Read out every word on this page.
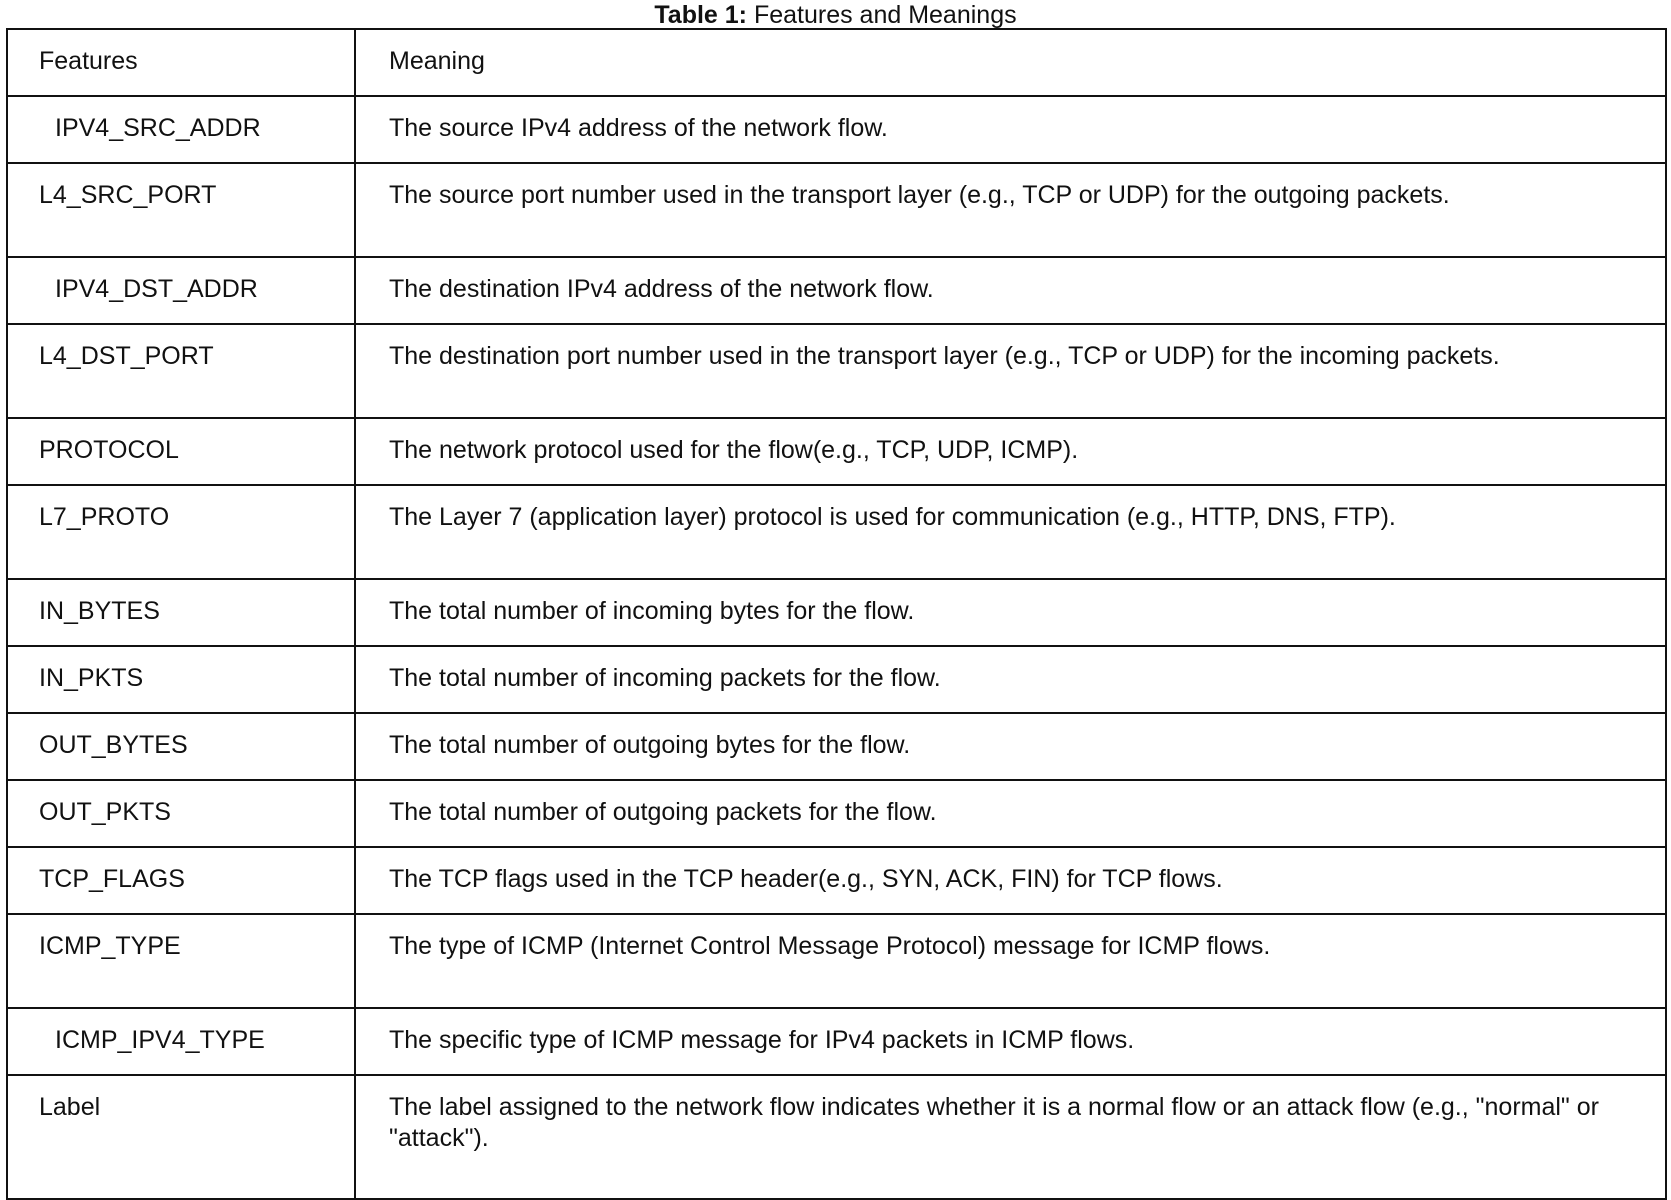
Table 1: Features and Meanings
Features	Meaning
IPV4_SRC_ADDR	The source IPv4 address of the network flow.
L4_SRC_PORT	The source port number used in the transport layer (e.g., TCP or UDP) for the outgoing packets.
IPV4_DST_ADDR	The destination IPv4 address of the network flow.
L4_DST_PORT	The destination port number used in the transport layer (e.g., TCP or UDP) for the incoming packets.
PROTOCOL	The network protocol used for the flow(e.g., TCP, UDP, ICMP).
L7_PROTO	The Layer 7 (application layer) protocol is used for communication (e.g., HTTP, DNS, FTP).
IN_BYTES	The total number of incoming bytes for the flow.
IN_PKTS	The total number of incoming packets for the flow.
OUT_BYTES	The total number of outgoing bytes for the flow.
OUT_PKTS	The total number of outgoing packets for the flow.
TCP_FLAGS	The TCP flags used in the TCP header(e.g., SYN, ACK, FIN) for TCP flows.
ICMP_TYPE	The type of ICMP (Internet Control Message Protocol) message for ICMP flows.
ICMP_IPV4_TYPE	The specific type of ICMP message for IPv4 packets in ICMP flows.
Label	The label assigned to the network flow indicates whether it is a normal flow or an attack flow (e.g., "normal" or "attack").
